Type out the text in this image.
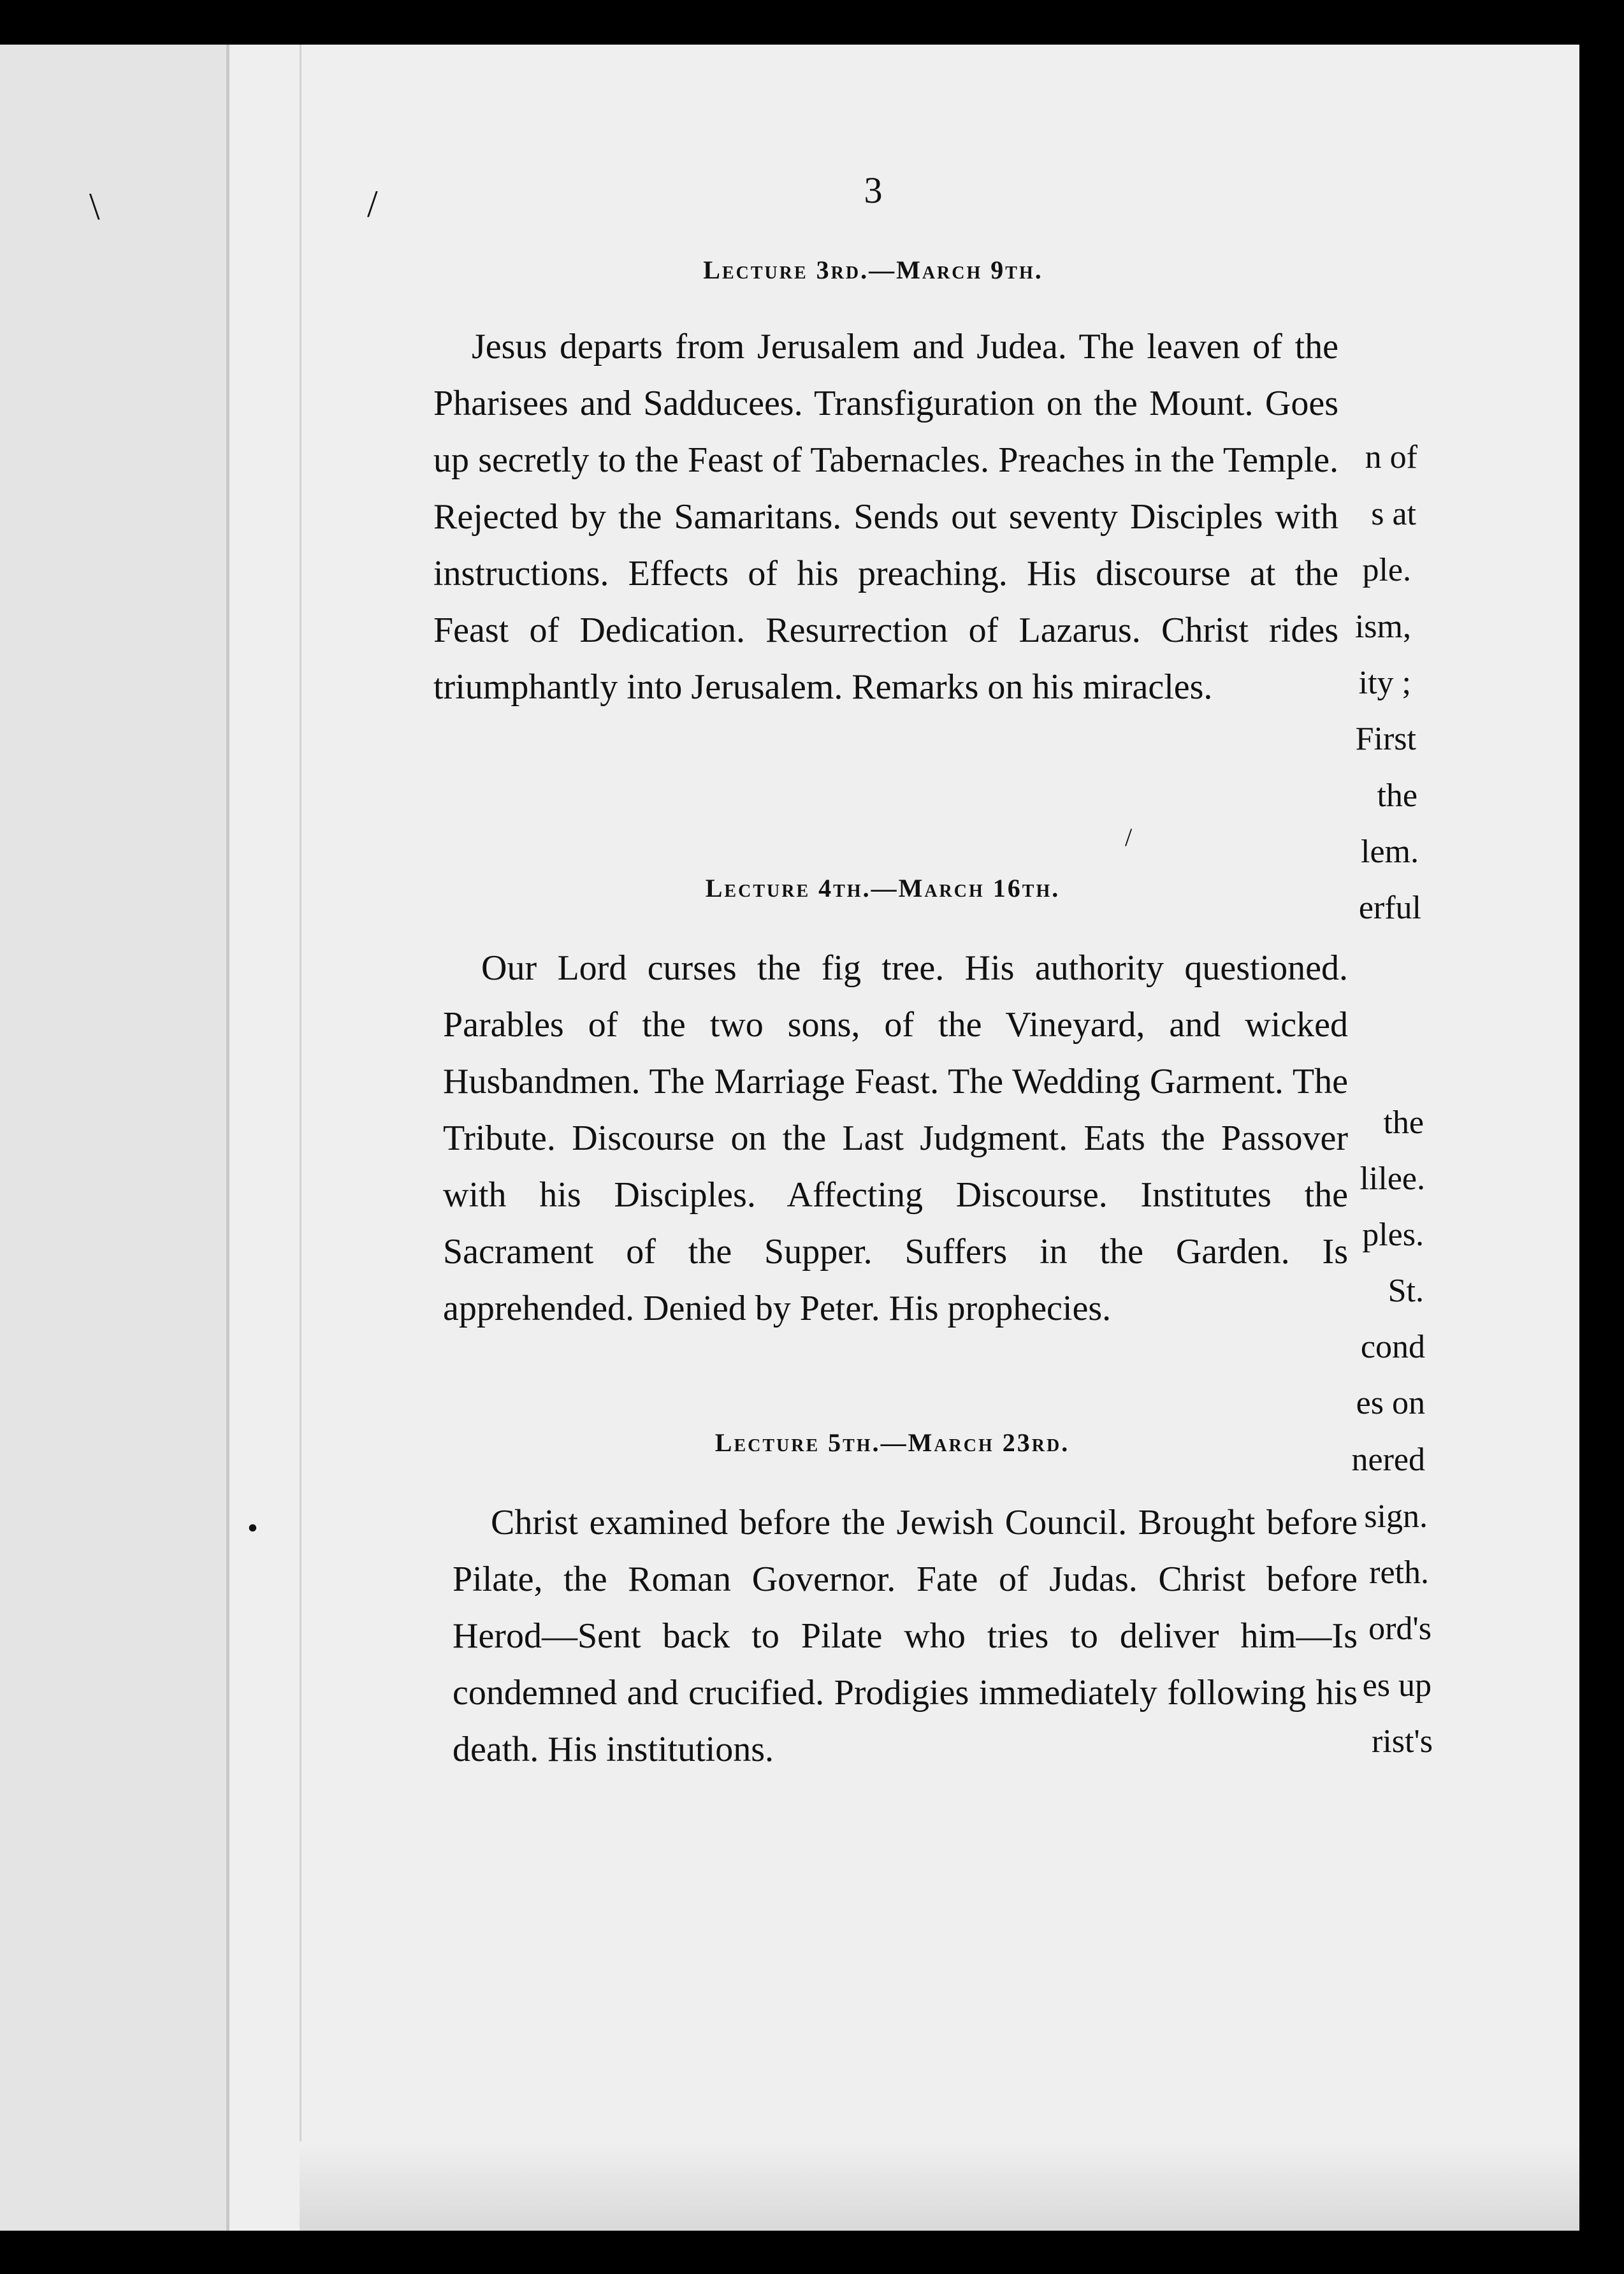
n of
s at
ple.
ism,
ity ;
First
the
lem.
erful
the
lilee.
ples.
St.
cond
es on
nered
sign.
reth.
ord's
es up
rist's
\	/
/
•
3
Lecture 3rd.—March 9th.
Jesus departs from Jerusalem and Judea. The leaven of the Pharisees and Sadducees. Transfiguration on the Mount. Goes up secretly to the Feast of Tabernacles. Preaches in the Temple. Rejected by the Samaritans. Sends out seventy Disciples with instructions. Effects of his preaching. His discourse at the Feast of Dedication. Resurrection of Lazarus. Christ rides triumphantly into Jerusalem. Remarks on his miracles.
Lecture 4th.—March 16th.
Our Lord curses the fig tree. His authority questioned. Parables of the two sons, of the Vineyard, and wicked Husbandmen. The Marriage Feast. The Wedding Garment. The Tribute. Discourse on the Last Judgment. Eats the Passover with his Disciples. Affecting Discourse. Institutes the Sacrament of the Supper. Suffers in the Garden. Is apprehended. Denied by Peter. His prophecies.
Lecture 5th.—March 23rd.
Christ examined before the Jewish Council. Brought before Pilate, the Roman Governor. Fate of Judas. Christ before Herod—Sent back to Pilate who tries to deliver him—Is condemned and crucified. Prodigies immediately following his death. His institutions.
